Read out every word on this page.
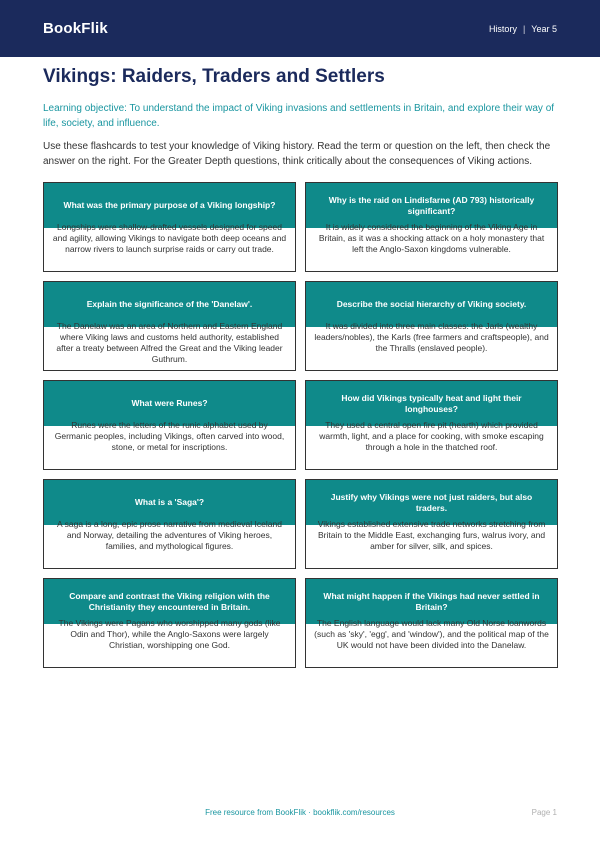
BookFlik	History | Year 5
Vikings: Raiders, Traders and Settlers

Learning objective: To understand the impact of Viking invasions and settlements in Britain, and explore their way of life, society, and influence.

Use these flashcards to test your knowledge of Viking history. Read the term or question on the left, then check the answer on the right. For the Greater Depth questions, think critically about the consequences of Viking actions.

What was the primary purpose of a Viking longship?
Longships were shallow-drafted vessels designed for speed and agility, allowing Vikings to navigate both deep oceans and narrow rivers to launch surprise raids or carry out trade.
Why is the raid on Lindisfarne (AD 793) historically significant?
It is widely considered the beginning of the Viking Age in Britain, as it was a shocking attack on a holy monastery that left the Anglo-Saxon kingdoms vulnerable.
Explain the significance of the 'Danelaw'.
The Danelaw was an area of Northern and Eastern England where Viking laws and customs held authority, established after a treaty between Alfred the Great and the Viking leader Guthrum.
Describe the social hierarchy of Viking society.
It was divided into three main classes: the Jarls (wealthy leaders/nobles), the Karls (free farmers and craftspeople), and the Thralls (enslaved people).
What were Runes?
Runes were the letters of the runic alphabet used by Germanic peoples, including Vikings, often carved into wood, stone, or metal for inscriptions.
How did Vikings typically heat and light their longhouses?
They used a central open fire pit (hearth) which provided warmth, light, and a place for cooking, with smoke escaping through a hole in the thatched roof.
What is a 'Saga'?
A saga is a long, epic prose narrative from medieval Iceland and Norway, detailing the adventures of Viking heroes, families, and mythological figures.
Justify why Vikings were not just raiders, but also traders.
Vikings established extensive trade networks stretching from Britain to the Middle East, exchanging furs, walrus ivory, and amber for silver, silk, and spices.
Compare and contrast the Viking religion with the Christianity they encountered in Britain.
The Vikings were Pagans who worshipped many gods (like Odin and Thor), while the Anglo-Saxons were largely Christian, worshipping one God.
What might happen if the Vikings had never settled in Britain?
The English language would lack many Old Norse loanwords (such as 'sky', 'egg', and 'window'), and the political map of the UK would not have been divided into the Danelaw.
Free resource from BookFlik · bookflik.com/resources	Page 1
